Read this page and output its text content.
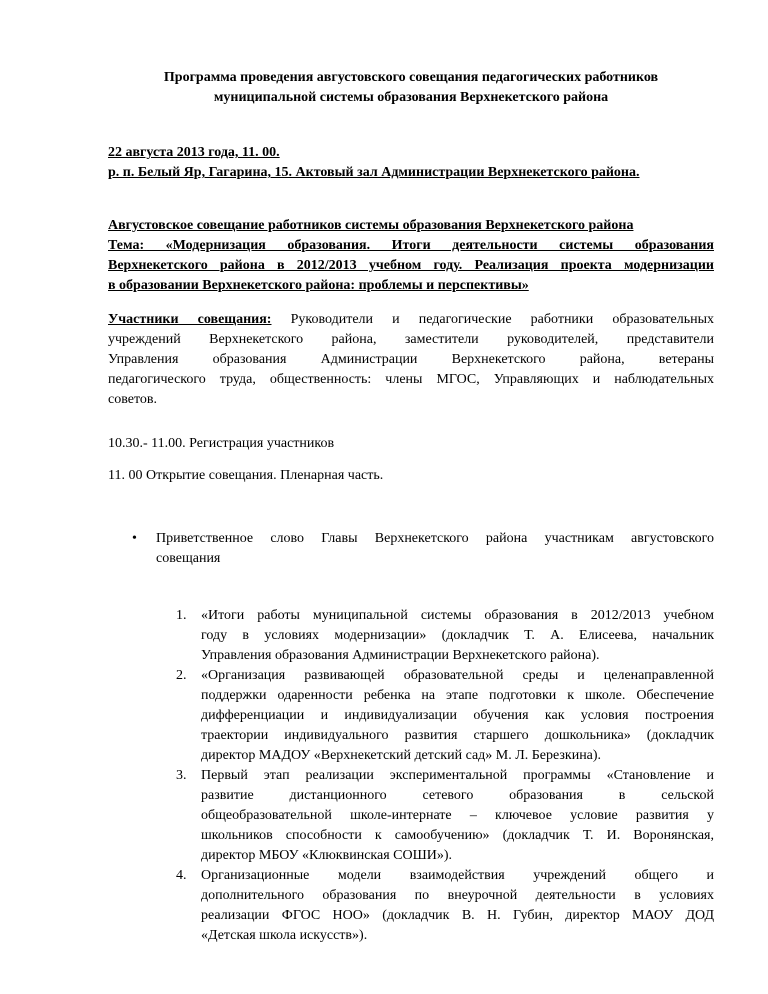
Программа проведения августовского совещания педагогических работников
муниципальной системы образования Верхнекетского района
22 августа 2013 года, 11. 00.
р. п. Белый Яр, Гагарина, 15. Актовый зал Администрации Верхнекетского района.
Августовское совещание работников системы образования Верхнекетского района
Тема: «Модернизация образования. Итоги деятельности системы образования
Верхнекетского района в 2012/2013 учебном году. Реализация проекта модернизации
в образовании Верхнекетского района: проблемы и перспективы»
Участники совещания: Руководители и педагогические работники образовательных
учреждений Верхнекетского района, заместители руководителей, представители
Управления образования Администрации Верхнекетского района, ветераны
педагогического труда, общественность: члены МГОС, Управляющих и наблюдательных
советов.
10.30.- 11.00. Регистрация участников
11. 00 Открытие совещания. Пленарная часть.
• Приветственное слово Главы Верхнекетского района участникам августовского
совещания
1. «Итоги работы муниципальной системы образования в 2012/2013 учебном
году в условиях модернизации» (докладчик Т. А. Елисеева, начальник
Управления образования Администрации Верхнекетского района).
2. «Организация развивающей образовательной среды и целенаправленной
поддержки одаренности ребенка на этапе подготовки к школе. Обеспечение
дифференциации и индивидуализации обучения как условия построения
траектории индивидуального развития старшего дошкольника» (докладчик
директор МАДОУ «Верхнекетский детский сад» М. Л. Березкина).
3. Первый этап реализации экспериментальной программы «Становление и
развитие дистанционного сетевого образования в сельской
общеобразовательной школе-интернате – ключевое условие развития у
школьников способности к самообучению» (докладчик Т. И. Воронянская,
директор МБОУ «Клюквинская СОШИ»).
4. Организационные модели взаимодействия учреждений общего и
дополнительного образования по внеурочной деятельности в условиях
реализации ФГОС НОО» (докладчик В. Н. Губин, директор МАОУ ДОД
«Детская школа искусств»).
